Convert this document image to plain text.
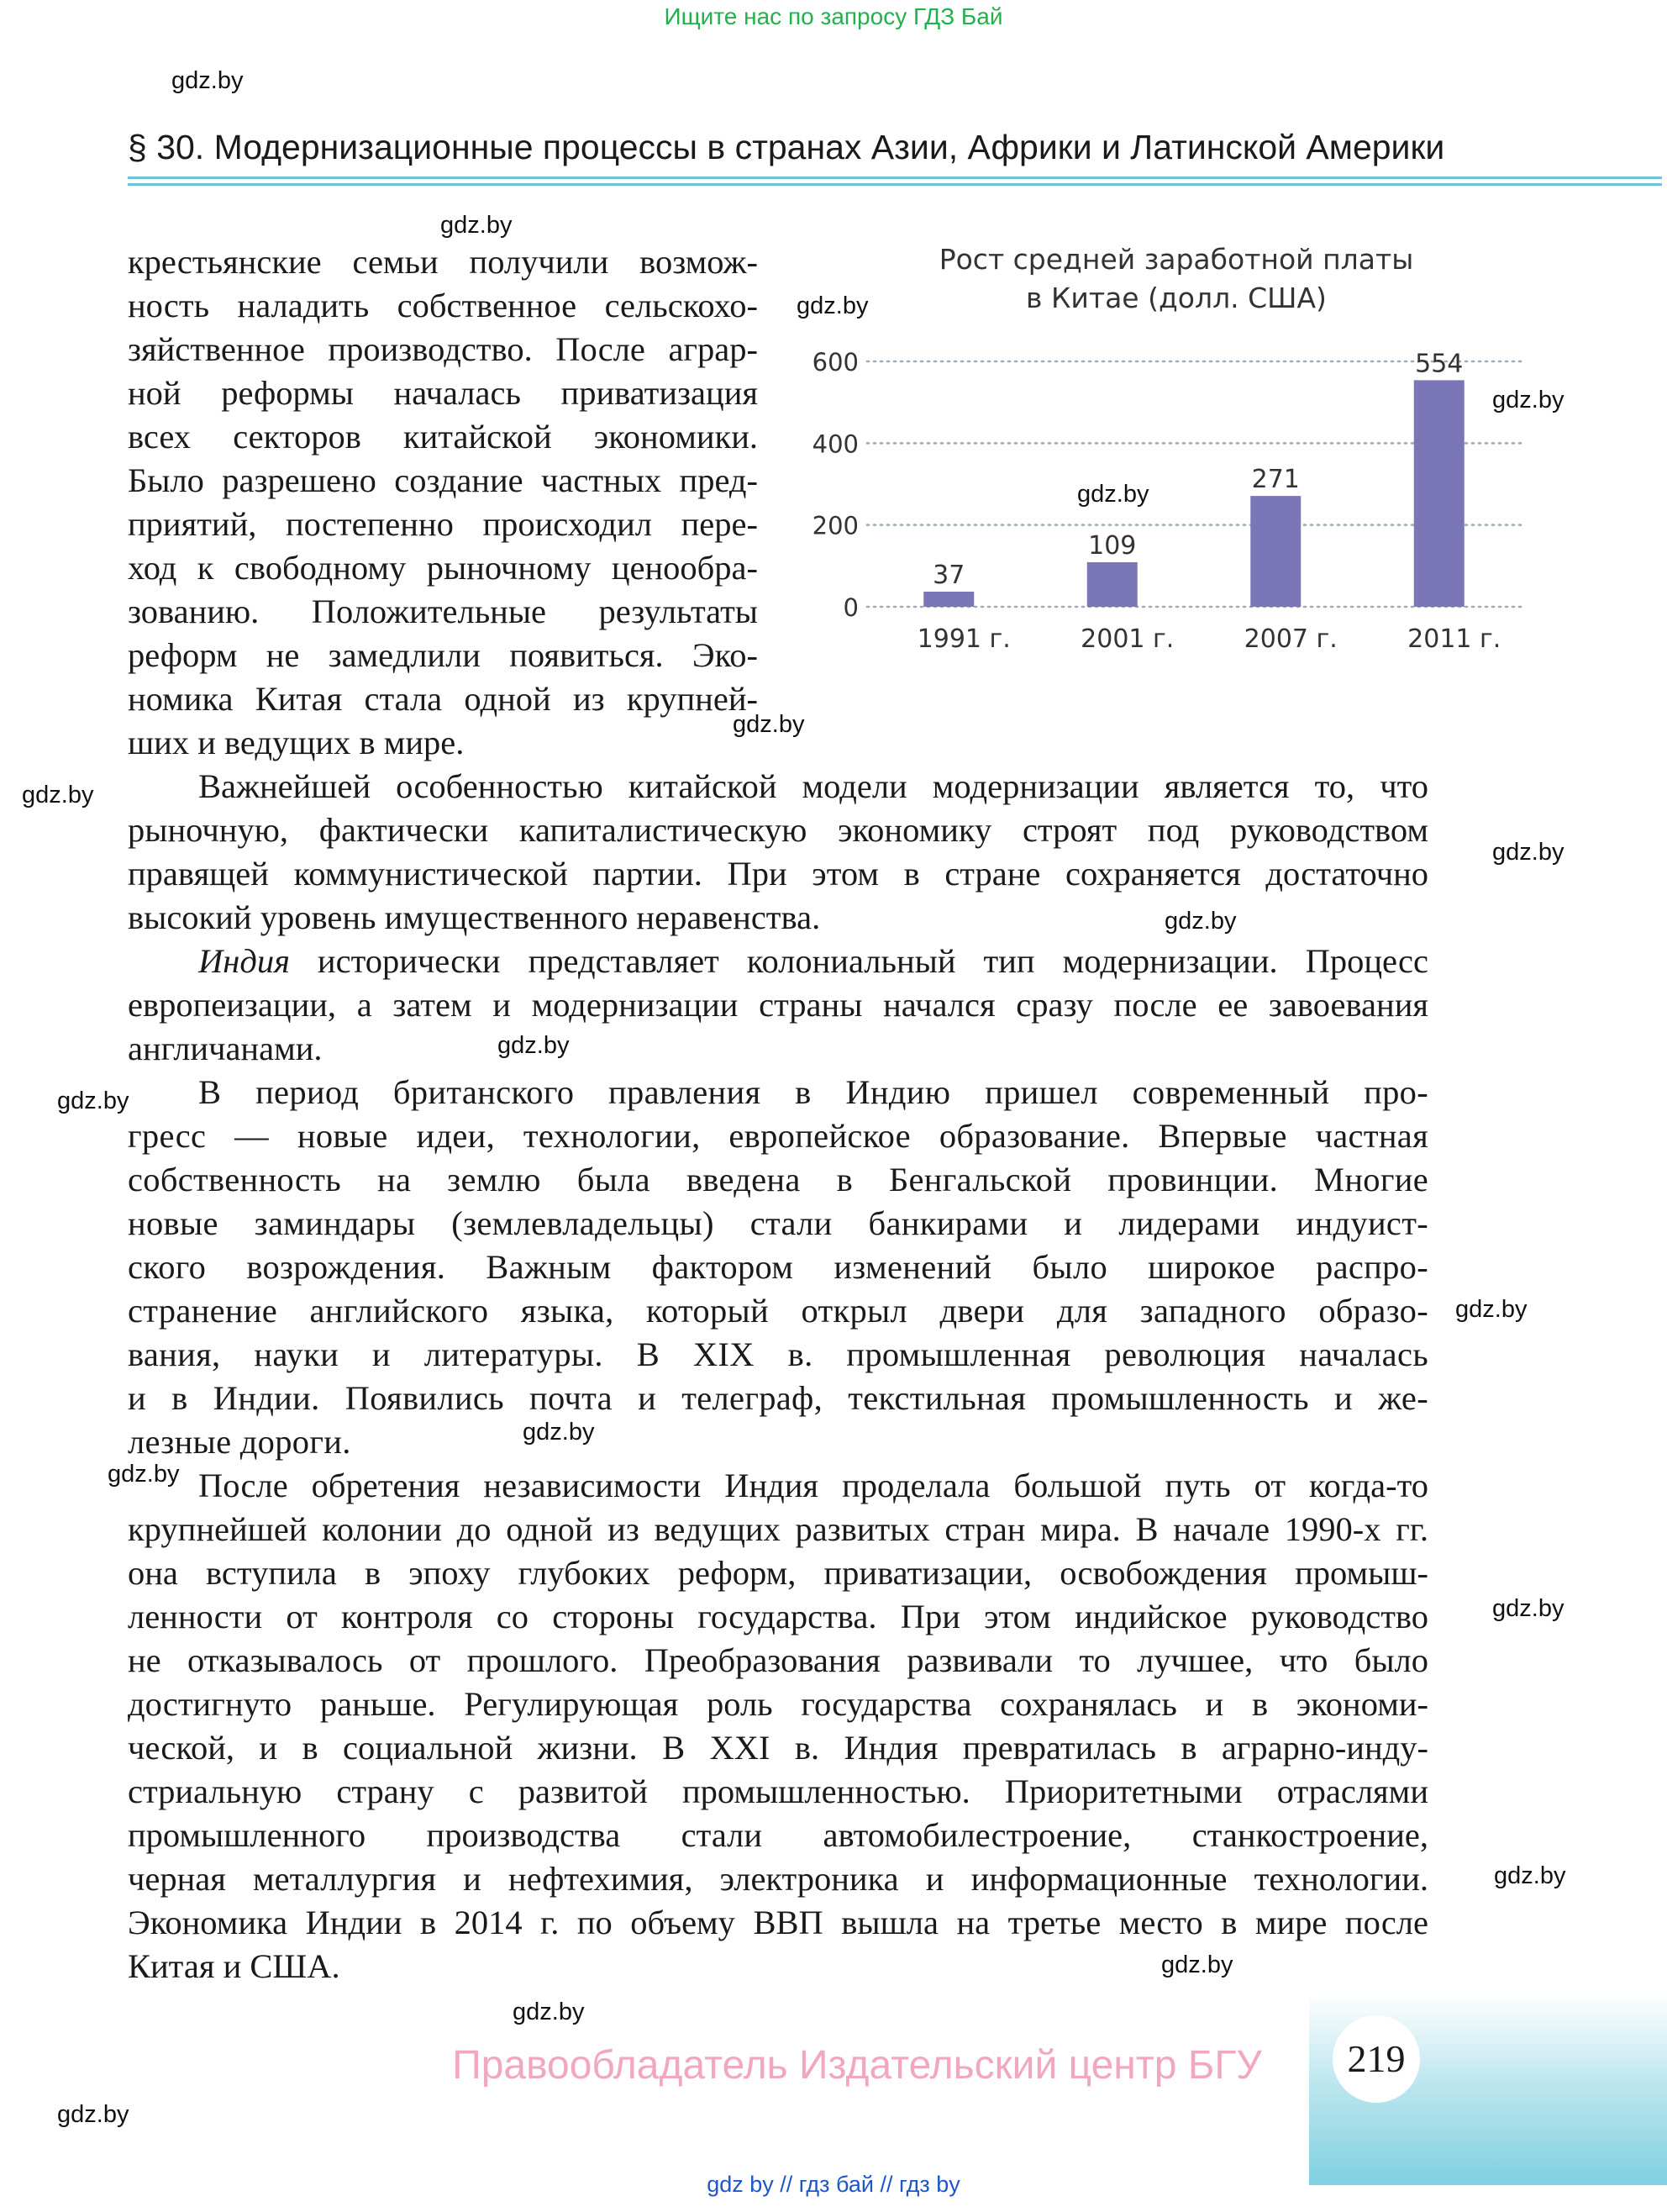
Ищите нас по запросу ГДЗ Бай
gdz.by
gdz.by
gdz.by
gdz.by
gdz.by
gdz.by
gdz.by
gdz.by
gdz.by
gdz.by
gdz.by
gdz.by
gdz.by
gdz.by
gdz.by
gdz.by
gdz.by
gdz.by
gdz.by
§ 30. Модернизационные процессы в странах Азии, Африки и Латинской Америки
крестьянские семьи получили возмож-
ность наладить собственное сельскохо-
зяйственное производство. После аграр-
ной реформы началась приватизация
всех секторов китайской экономики.
Было разрешено создание частных пред-
приятий, постепенно происходил пере-
ход к свободному рыночному ценообра-
зованию. Положительные результаты
реформ не замедлили появиться. Эко-
номика Китая стала одной из крупней-
ших и ведущих в мире.
Рост средней заработной платы
в Китае (долл. США)
0
200
400
600
37
1991 г.
109
2001 г.
271
2007 г.
554
2011 г.
Важнейшей особенностью китайской модели модернизации является то, что
рыночную, фактически капиталистическую экономику строят под руководством
правящей коммунистической партии. При этом в стране сохраняется достаточно
высокий уровень имущественного неравенства.
Индия исторически представляет колониальный тип модернизации. Процесс
европеизации, а затем и модернизации страны начался сразу после ее завоевания
англичанами.
В период британского правления в Индию пришел современный про-
гресс — новые идеи, технологии, европейское образование. Впервые частная
собственность на землю была введена в Бенгальской провинции. Многие
новые заминдары (землевладельцы) стали банкирами и лидерами индуист-
ского возрождения. Важным фактором изменений было широкое распро-
странение английского языка, который открыл двери для западного образо-
вания, науки и литературы. В XIX в. промышленная революция началась
и в Индии. Появились почта и телеграф, текстильная промышленность и же-
лезные дороги.
После обретения независимости Индия проделала большой путь от когда-то
крупнейшей колонии до одной из ведущих развитых стран мира. В начале 1990-х гг.
она вступила в эпоху глубоких реформ, приватизации, освобождения промыш-
ленности от контроля со стороны государства. При этом индийское руководство
не отказывалось от прошлого. Преобразования развивали то лучшее, что было
достигнуто раньше. Регулирующая роль государства сохранялась и в экономи-
ческой, и в социальной жизни. В XXI в. Индия превратилась в аграрно-инду-
стриальную страну с развитой промышленностью. Приоритетными отраслями
промышленного производства стали автомобилестроение, станкостроение,
черная металлургия и нефтехимия, электроника и информационные технологии.
Экономика Индии в 2014 г. по объему ВВП вышла на третье место в мире после
Китая и США.
219
Правообладатель Издательский центр БГУ
gdz by // гдз бай // гдз by
